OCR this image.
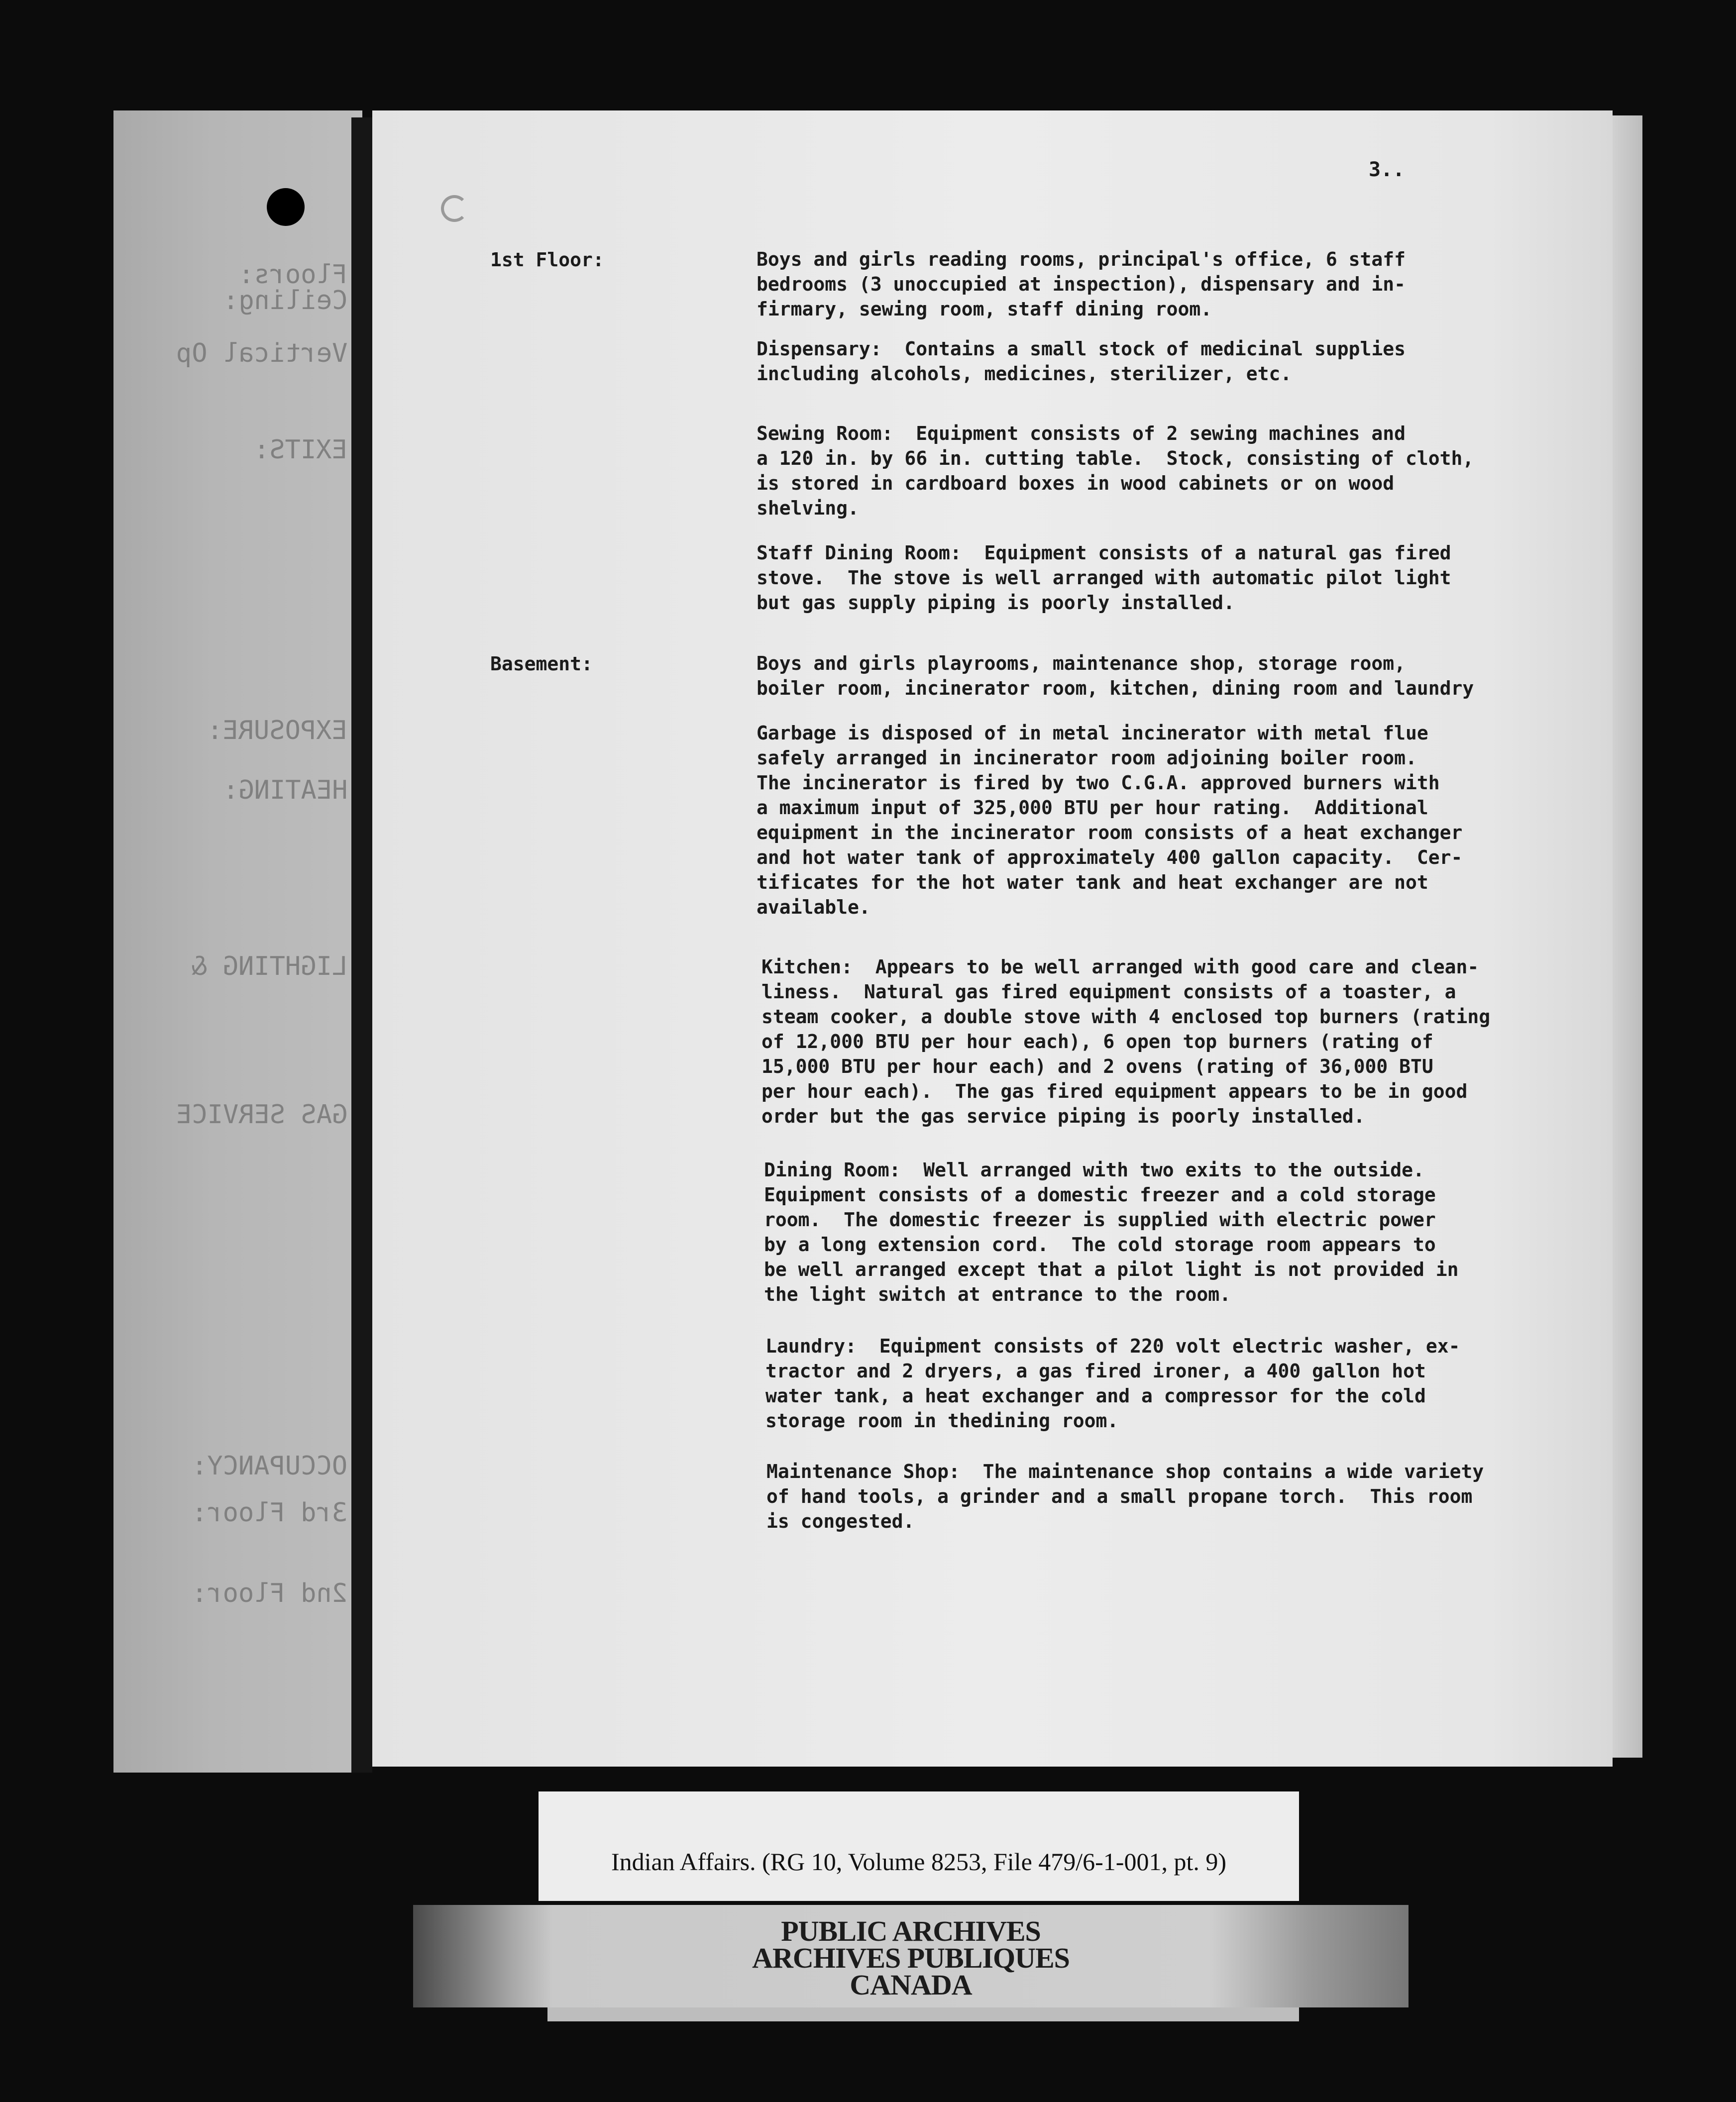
Floors:
Ceiling:
Vertical Op
EXITS:
EXPOSURE:
HEATING:
LIGHTING &
GAS SERVICE
OCCUPANCY:
3rd Floor:
2nd Floor:
3..
1st Floor:	Boys and girls reading rooms, principal's office, 6 staff
bedrooms (3 unoccupied at inspection), dispensary and in-
firmary, sewing room, staff dining room.
Dispensary:  Contains a small stock of medicinal supplies
including alcohols, medicines, sterilizer, etc.
Sewing Room:  Equipment consists of 2 sewing machines and
a 120 in. by 66 in. cutting table.  Stock, consisting of cloth,
is stored in cardboard boxes in wood cabinets or on wood
shelving.
Staff Dining Room:  Equipment consists of a natural gas fired
stove.  The stove is well arranged with automatic pilot light
but gas supply piping is poorly installed.
Basement:	Boys and girls playrooms, maintenance shop, storage room,
boiler room, incinerator room, kitchen, dining room and laundry
Garbage is disposed of in metal incinerator with metal flue
safely arranged in incinerator room adjoining boiler room.
The incinerator is fired by two C.G.A. approved burners with
a maximum input of 325,000 BTU per hour rating.  Additional
equipment in the incinerator room consists of a heat exchanger
and hot water tank of approximately 400 gallon capacity.  Cer-
tificates for the hot water tank and heat exchanger are not
available.
Kitchen:  Appears to be well arranged with good care and clean-
liness.  Natural gas fired equipment consists of a toaster, a
steam cooker, a double stove with 4 enclosed top burners (rating
of 12,000 BTU per hour each), 6 open top burners (rating of
15,000 BTU per hour each) and 2 ovens (rating of 36,000 BTU
per hour each).  The gas fired equipment appears to be in good
order but the gas service piping is poorly installed.
Dining Room:  Well arranged with two exits to the outside.
Equipment consists of a domestic freezer and a cold storage
room.  The domestic freezer is supplied with electric power
by a long extension cord.  The cold storage room appears to
be well arranged except that a pilot light is not provided in
the light switch at entrance to the room.
Laundry:  Equipment consists of 220 volt electric washer, ex-
tractor and 2 dryers, a gas fired ironer, a 400 gallon hot
water tank, a heat exchanger and a compressor for the cold
storage room in thedining room.
Maintenance Shop:  The maintenance shop contains a wide variety
of hand tools, a grinder and a small propane torch.  This room
is congested.
Indian Affairs. (RG 10, Volume 8253, File 479/6-1-001, pt. 9)
PUBLIC ARCHIVES
ARCHIVES PUBLIQUES
CANADA
